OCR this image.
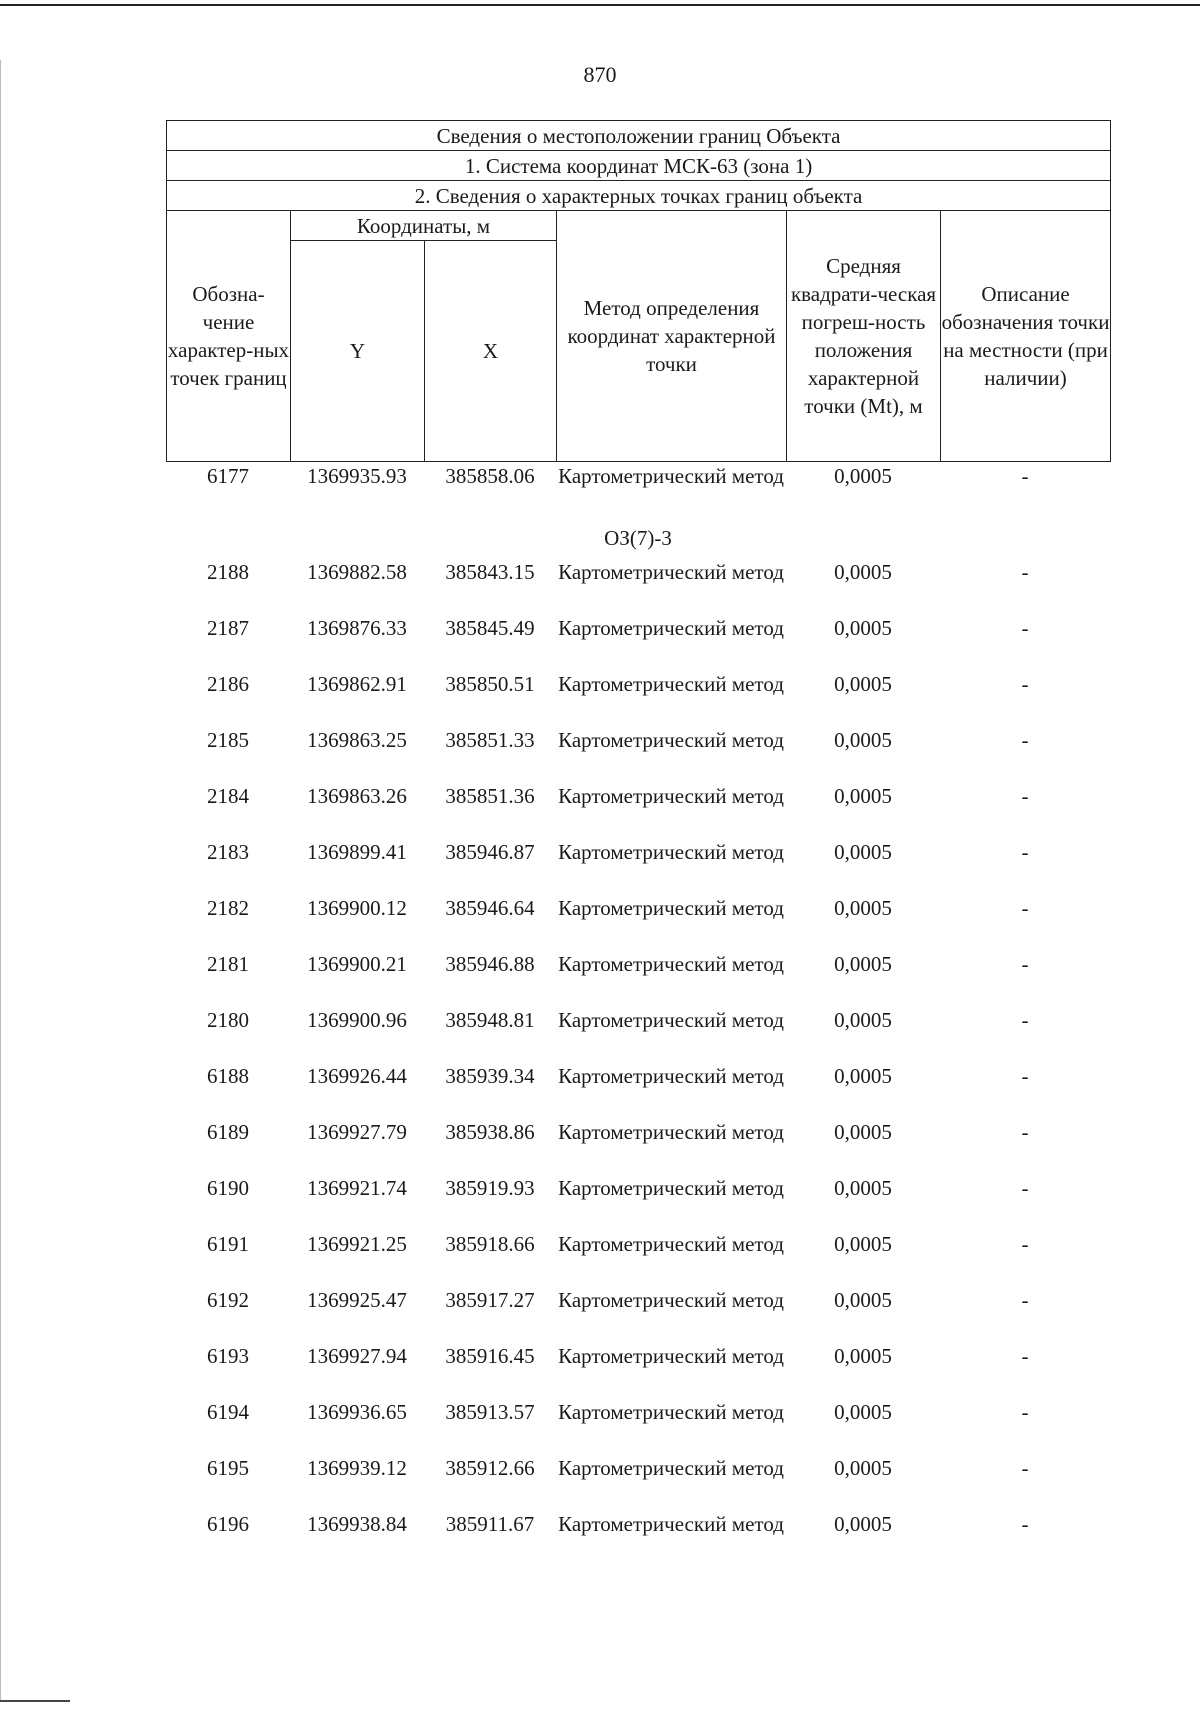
870
Сведения о местоположении границ Объекта					
1. Система координат МСК-63 (зона 1)					
2. Сведения о характерных точках границ объекта					
Обозна-чение характер-ных точек границ	Координаты, м		Метод определения координат характерной точки	Средняя квадрати-ческая погреш-ность положения характерной точки (Mt), м	Описание обозначения точки на местности (при наличии)
	Y	X			
6177	1369935.93	385858.06	Картометрический метод	0,0005	-
ОЗ(7)-3
2188	1369882.58	385843.15	Картометрический метод	0,0005	-
2187	1369876.33	385845.49	Картометрический метод	0,0005	-
2186	1369862.91	385850.51	Картометрический метод	0,0005	-
2185	1369863.25	385851.33	Картометрический метод	0,0005	-
2184	1369863.26	385851.36	Картометрический метод	0,0005	-
2183	1369899.41	385946.87	Картометрический метод	0,0005	-
2182	1369900.12	385946.64	Картометрический метод	0,0005	-
2181	1369900.21	385946.88	Картометрический метод	0,0005	-
2180	1369900.96	385948.81	Картометрический метод	0,0005	-
6188	1369926.44	385939.34	Картометрический метод	0,0005	-
6189	1369927.79	385938.86	Картометрический метод	0,0005	-
6190	1369921.74	385919.93	Картометрический метод	0,0005	-
6191	1369921.25	385918.66	Картометрический метод	0,0005	-
6192	1369925.47	385917.27	Картометрический метод	0,0005	-
6193	1369927.94	385916.45	Картометрический метод	0,0005	-
6194	1369936.65	385913.57	Картометрический метод	0,0005	-
6195	1369939.12	385912.66	Картометрический метод	0,0005	-
6196	1369938.84	385911.67	Картометрический метод	0,0005	-
